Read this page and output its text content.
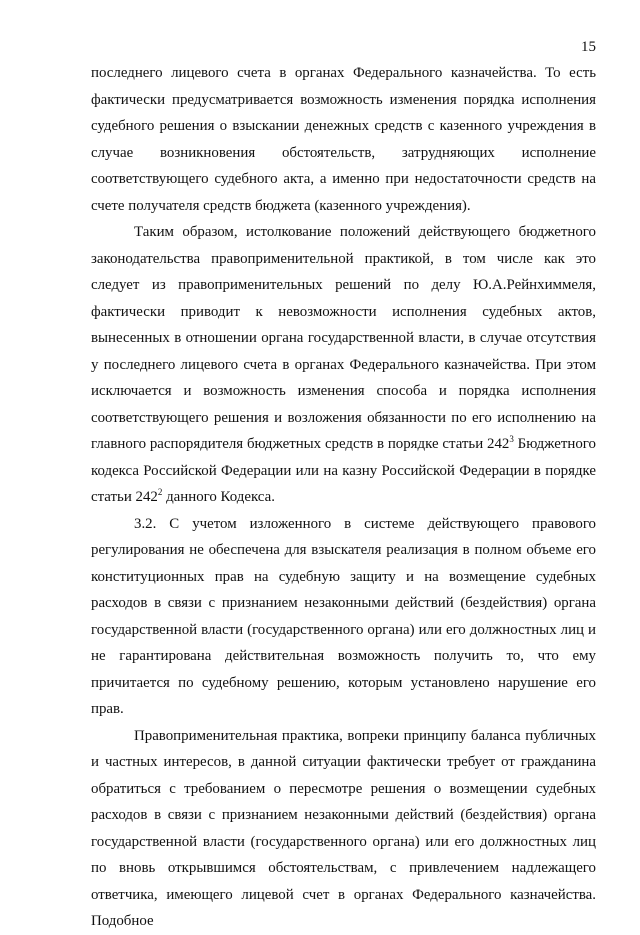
15

последнего лицевого счета в органах Федерального казначейства. То есть фактически предусматривается возможность изменения порядка исполнения судебного решения о взыскании денежных средств с казенного учреждения в случае возникновения обстоятельств, затрудняющих исполнение соответствующего судебного акта, а именно при недостаточности средств на счете получателя средств бюджета (казенного учреждения).

Таким образом, истолкование положений действующего бюджетного законодательства правоприменительной практикой, в том числе как это следует из правоприменительных решений по делу Ю.А.Рейнхиммеля, фактически приводит к невозможности исполнения судебных актов, вынесенных в отношении органа государственной власти, в случае отсутствия у последнего лицевого счета в органах Федерального казначейства. При этом исключается и возможность изменения способа и порядка исполнения соответствующего решения и возложения обязанности по его исполнению на главного распорядителя бюджетных средств в порядке статьи $242^3$ Бюджетного кодекса Российской Федерации или на казну Российской Федерации в порядке статьи $242^2$ данного Кодекса.

3.2. С учетом изложенного в системе действующего правового регулирования не обеспечена для взыскателя реализация в полном объеме его конституционных прав на судебную защиту и на возмещение судебных расходов в связи с признанием незаконными действий (бездействия) органа государственной власти (государственного органа) или его должностных лиц и не гарантирована действительная возможность получить то, что ему причитается по судебному решению, которым установлено нарушение его прав.

Правоприменительная практика, вопреки принципу баланса публичных и частных интересов, в данной ситуации фактически требует от гражданина обратиться с требованием о пересмотре решения о возмещении судебных расходов в связи с признанием незаконными действий (бездействия) органа государственной власти (государственного органа) или его должностных лиц по вновь открывшимся обстоятельствам, с привлечением надлежащего ответчика, имеющего лицевой счет в органах Федерального казначейства. Подобное
